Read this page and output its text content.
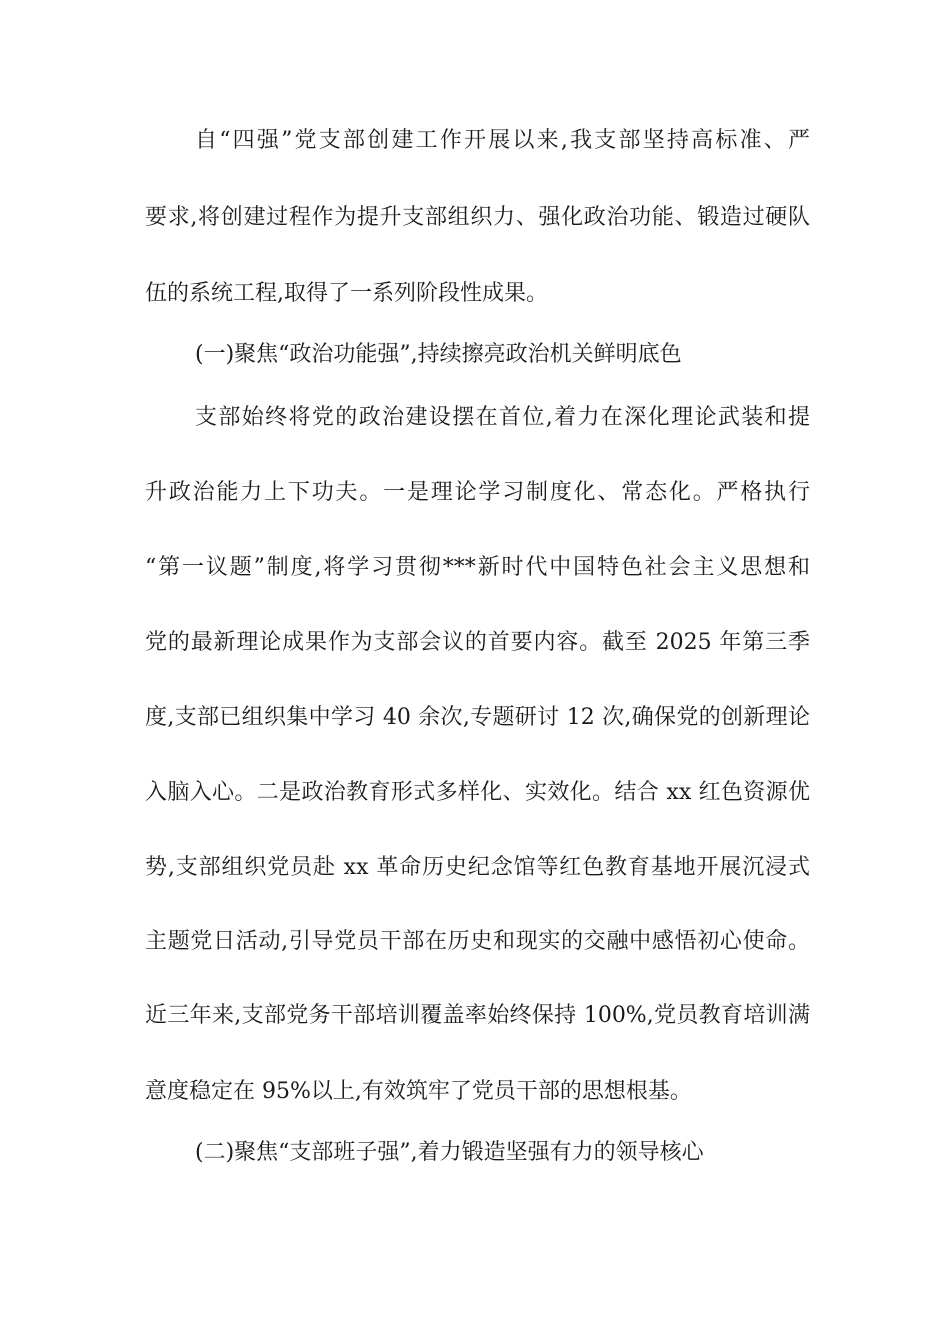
自“四强”党支部创建工作开展以来,我支部坚持高标准、严
要求,将创建过程作为提升支部组织力、强化政治功能、锻造过硬队
伍的系统工程,取得了一系列阶段性成果。
(一)聚焦“政治功能强”,持续擦亮政治机关鲜明底色
支部始终将党的政治建设摆在首位,着力在深化理论武装和提
升政治能力上下功夫。一是理论学习制度化、常态化。严格执行
“第一议题”制度,将学习贯彻***新时代中国特色社会主义思想和
党的最新理论成果作为支部会议的首要内容。截至 2025 年第三季
度,支部已组织集中学习 40 余次,专题研讨 12 次,确保党的创新理论
入脑入心。二是政治教育形式多样化、实效化。结合 xx 红色资源优
势,支部组织党员赴 xx 革命历史纪念馆等红色教育基地开展沉浸式
主题党日活动,引导党员干部在历史和现实的交融中感悟初心使命。
近三年来,支部党务干部培训覆盖率始终保持 100%,党员教育培训满
意度稳定在 95%以上,有效筑牢了党员干部的思想根基。
(二)聚焦“支部班子强”,着力锻造坚强有力的领导核心
